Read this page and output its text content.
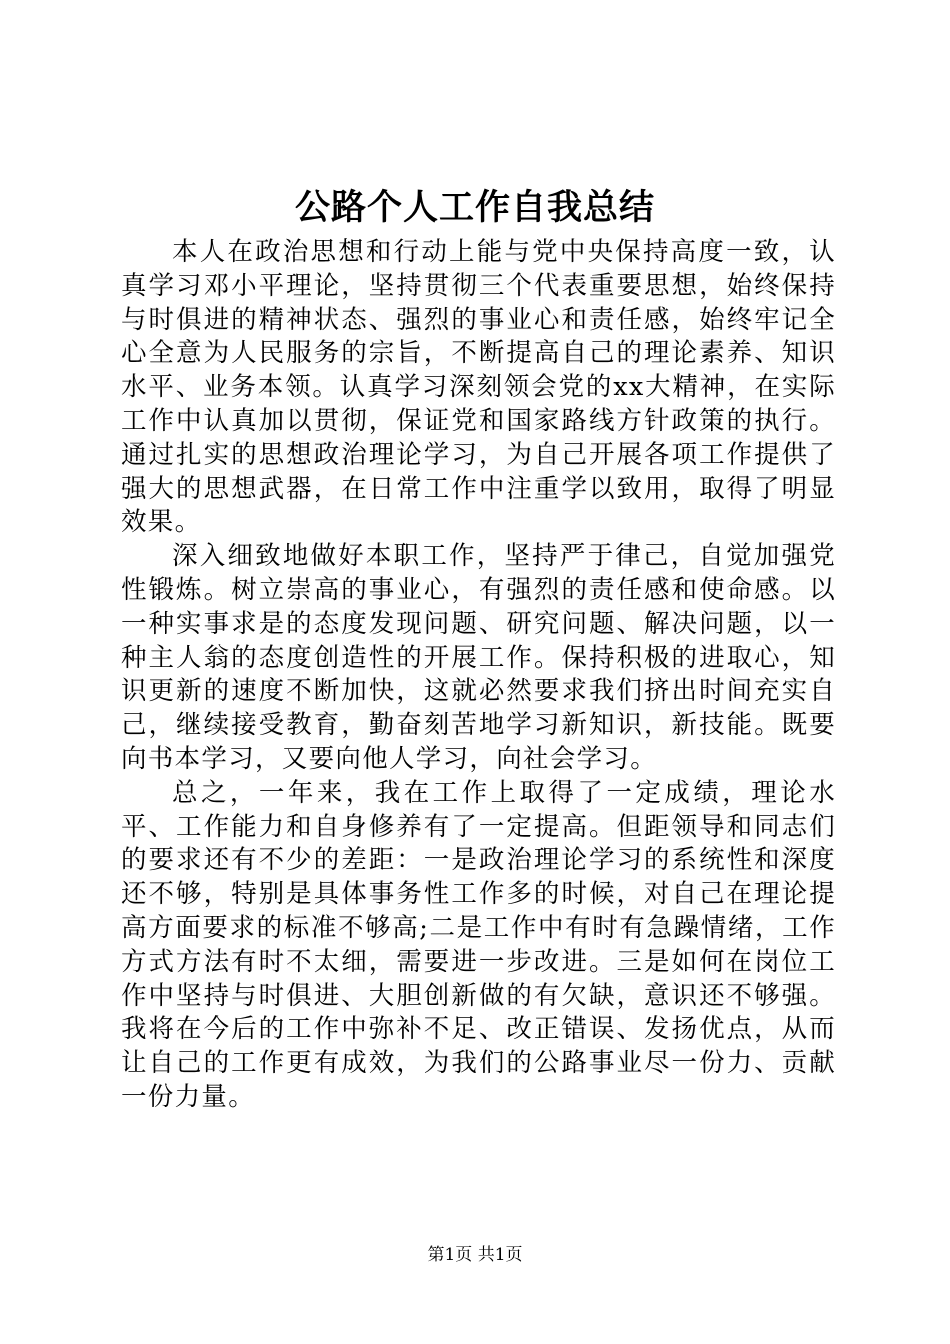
公路个人工作自我总结

本人在政治思想和行动上能与党中央保持高度一致，认真学习邓小平理论，坚持贯彻三个代表重要思想，始终保持与时俱进的精神状态、强烈的事业心和责任感，始终牢记全心全意为人民服务的宗旨，不断提高自己的理论素养、知识水平、业务本领。认真学习深刻领会党的xx大精神，在实际工作中认真加以贯彻，保证党和国家路线方针政策的执行。通过扎实的思想政治理论学习，为自己开展各项工作提供了强大的思想武器，在日常工作中注重学以致用，取得了明显效果。

深入细致地做好本职工作，坚持严于律己，自觉加强党性锻炼。树立崇高的事业心，有强烈的责任感和使命感。以一种实事求是的态度发现问题、研究问题、解决问题，以一种主人翁的态度创造性的开展工作。保持积极的进取心，知识更新的速度不断加快，这就必然要求我们挤出时间充实自己，继续接受教育，勤奋刻苦地学习新知识，新技能。既要向书本学习，又要向他人学习，向社会学习。

总之，一年来，我在工作上取得了一定成绩，理论水平、工作能力和自身修养有了一定提高。但距领导和同志们的要求还有不少的差距：一是政治理论学习的系统性和深度还不够，特别是具体事务性工作多的时候，对自己在理论提高方面要求的标准不够高;二是工作中有时有急躁情绪，工作方式方法有时不太细，需要进一步改进。三是如何在岗位工作中坚持与时俱进、大胆创新做的有欠缺，意识还不够强。我将在今后的工作中弥补不足、改正错误、发扬优点，从而让自己的工作更有成效，为我们的公路事业尽一份力、贡献一份力量。

第1页 共1页
